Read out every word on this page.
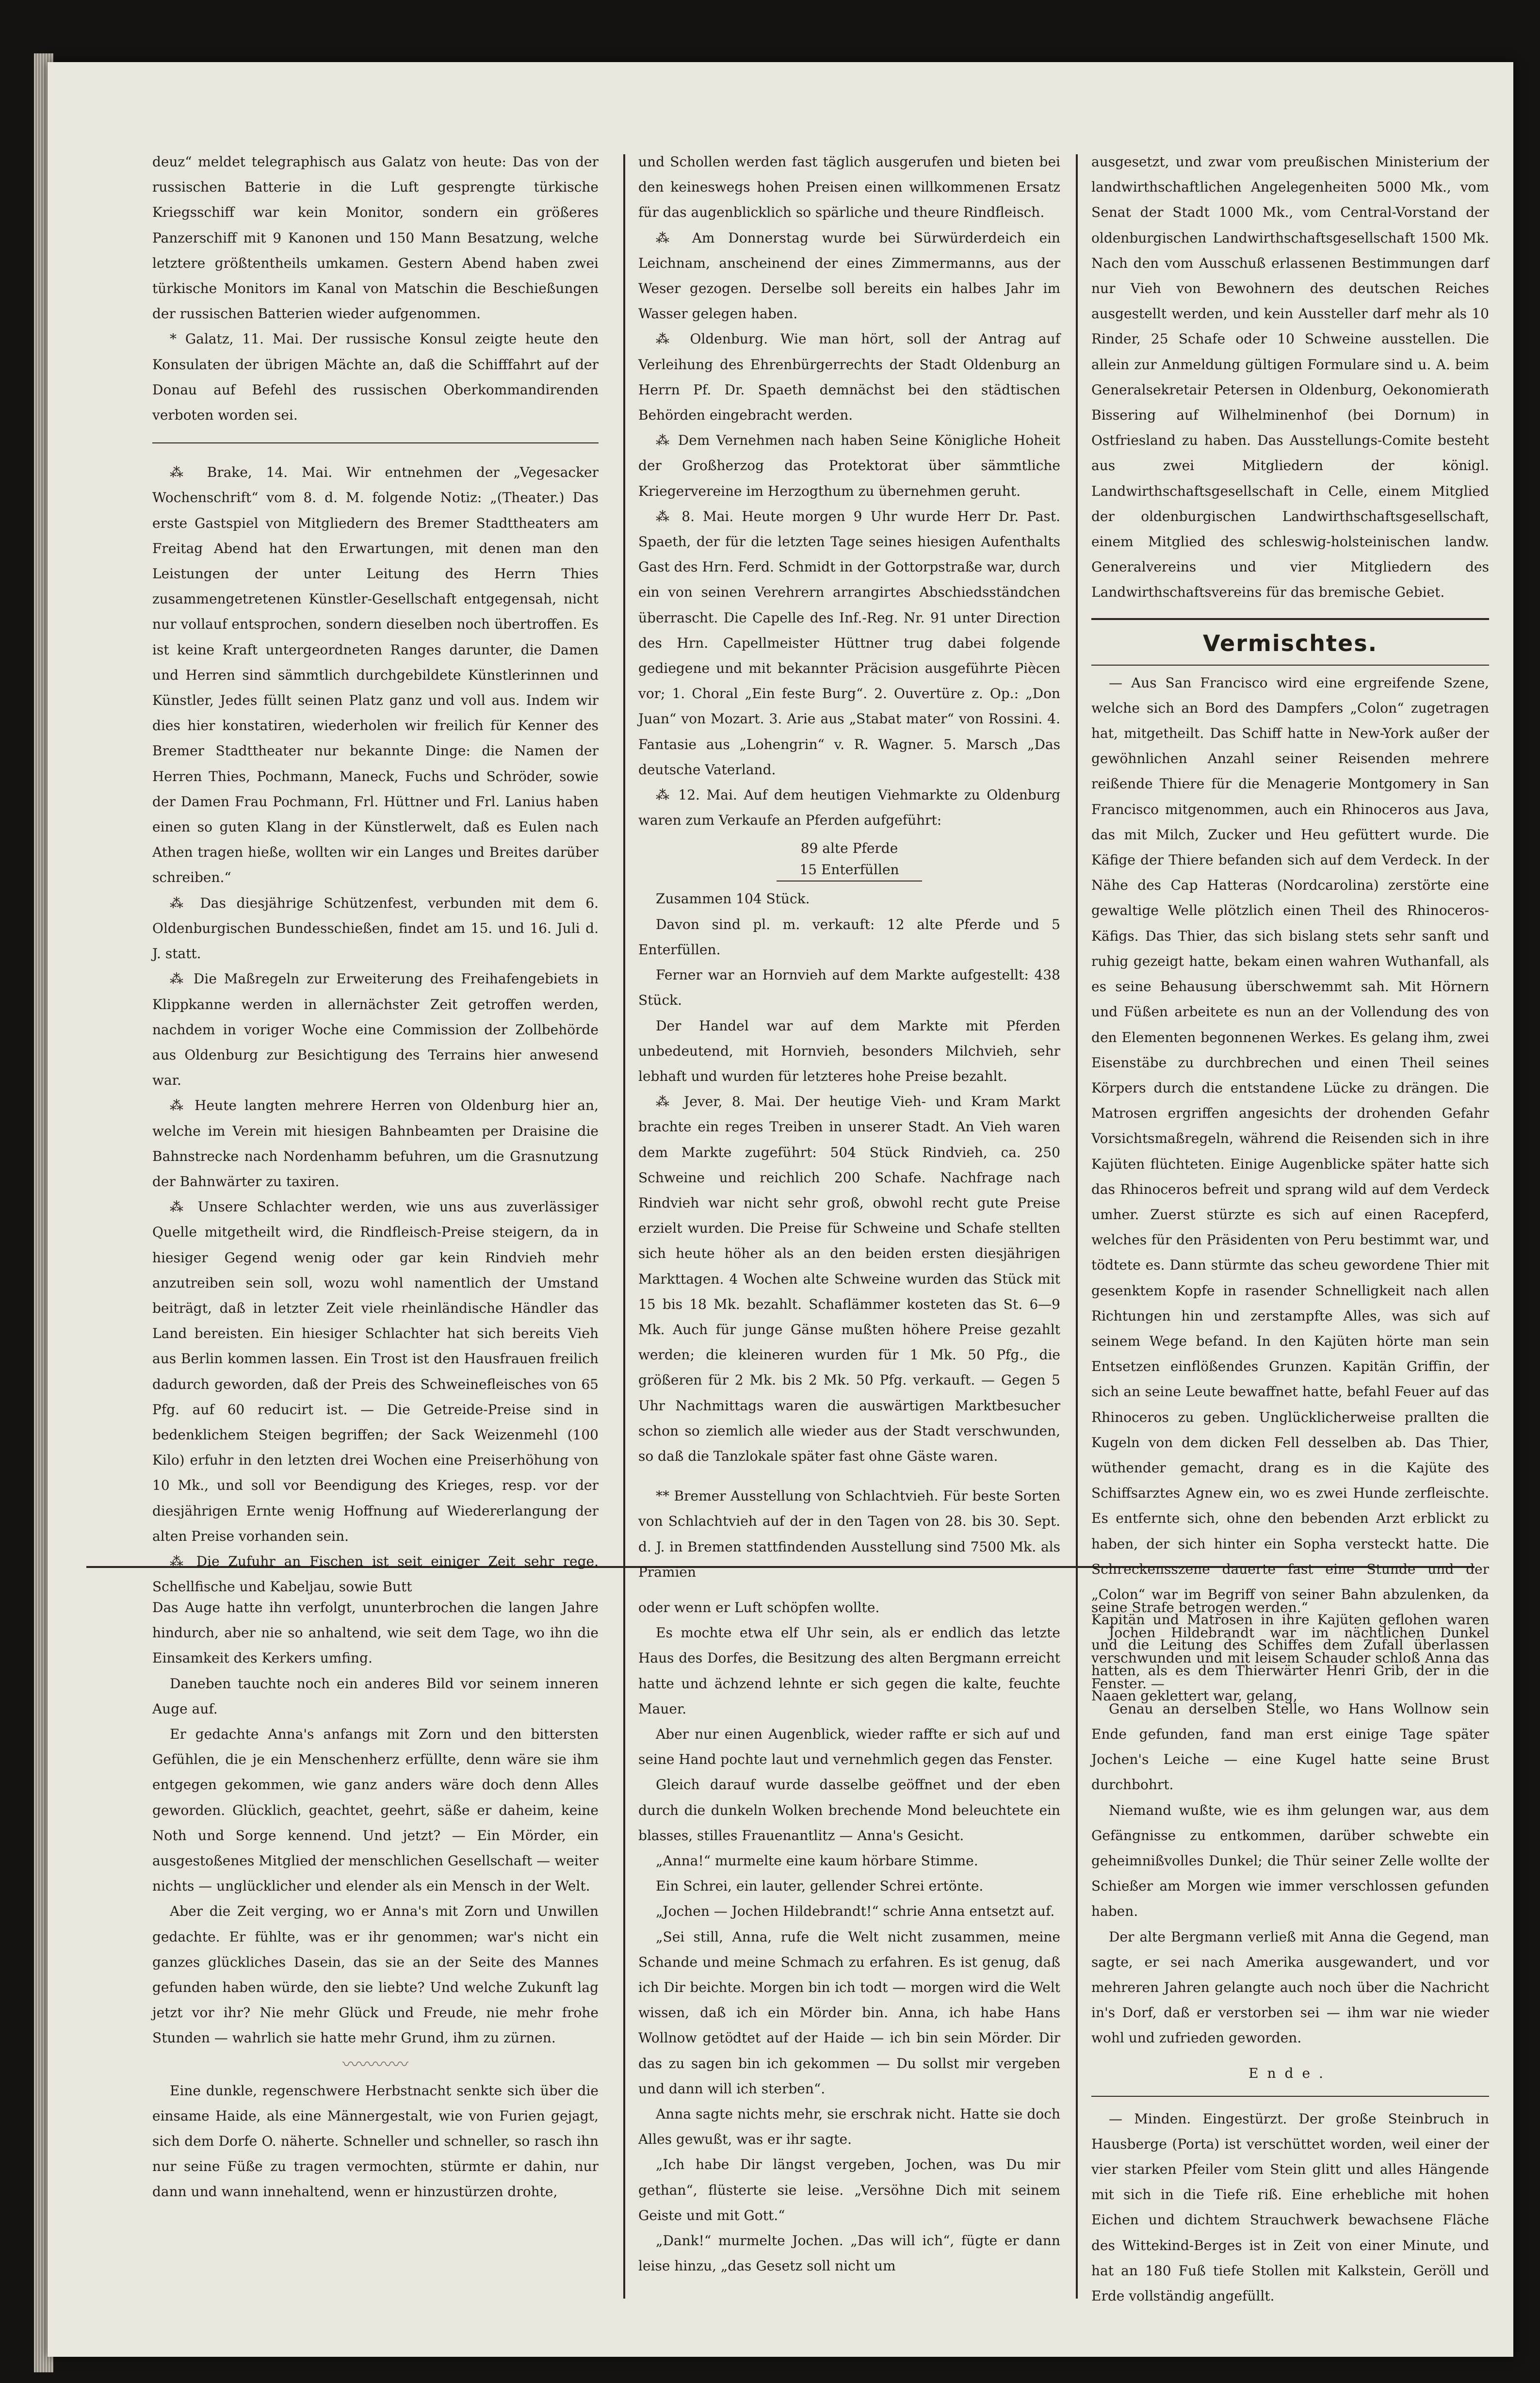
deuz“ meldet telegraphisch aus Galatz von heute: Das von der russischen Batterie in die Luft gesprengte türkische Kriegsschiff war kein Monitor, sondern ein größeres Panzerschiff mit 9 Kanonen und 150 Mann Besatzung, welche letztere größtentheils umkamen. Gestern Abend haben zwei türkische Monitors im Kanal von Matschin die Beschießungen der russischen Batterien wieder aufgenommen.

* Galatz, 11. Mai. Der russische Konsul zeigte heute den Konsulaten der übrigen Mächte an, daß die Schifffahrt auf der Donau auf Befehl des russischen Oberkommandirenden verboten worden sei.

⁂ Brake, 14. Mai. Wir entnehmen der „Vegesacker Wochenschrift“ vom 8. d. M. folgende Notiz: „(Theater.) Das erste Gastspiel von Mitgliedern des Bremer Stadttheaters am Freitag Abend hat den Erwartungen, mit denen man den Leistungen der unter Leitung des Herrn Thies zusammengetretenen Künstler-Gesellschaft entgegensah, nicht nur vollauf entsprochen, sondern dieselben noch übertroffen. Es ist keine Kraft untergeordneten Ranges darunter, die Damen und Herren sind sämmtlich durchgebildete Künstlerinnen und Künstler, Jedes füllt seinen Platz ganz und voll aus. Indem wir dies hier konstatiren, wiederholen wir freilich für Kenner des Bremer Stadttheater nur bekannte Dinge: die Namen der Herren Thies, Pochmann, Maneck, Fuchs und Schröder, sowie der Damen Frau Pochmann, Frl. Hüttner und Frl. Lanius haben einen so guten Klang in der Künstlerwelt, daß es Eulen nach Athen tragen hieße, wollten wir ein Langes und Breites darüber schreiben.“

⁂ Das diesjährige Schützenfest, verbunden mit dem 6. Oldenburgischen Bundesschießen, findet am 15. und 16. Juli d. J. statt.

⁂ Die Maßregeln zur Erweiterung des Freihafengebiets in Klippkanne werden in allernächster Zeit getroffen werden, nachdem in voriger Woche eine Commission der Zollbehörde aus Oldenburg zur Besichtigung des Terrains hier anwesend war.

⁂ Heute langten mehrere Herren von Oldenburg hier an, welche im Verein mit hiesigen Bahnbeamten per Draisine die Bahnstrecke nach Nordenhamm befuhren, um die Grasnutzung der Bahnwärter zu taxiren.

⁂ Unsere Schlachter werden, wie uns aus zuverlässiger Quelle mitgetheilt wird, die Rindfleisch-Preise steigern, da in hiesiger Gegend wenig oder gar kein Rindvieh mehr anzutreiben sein soll, wozu wohl namentlich der Umstand beiträgt, daß in letzter Zeit viele rheinländische Händler das Land bereisten. Ein hiesiger Schlachter hat sich bereits Vieh aus Berlin kommen lassen. Ein Trost ist den Hausfrauen freilich dadurch geworden, daß der Preis des Schweinefleisches von 65 Pfg. auf 60 reducirt ist. — Die Getreide-Preise sind in bedenklichem Steigen begriffen; der Sack Weizenmehl (100 Kilo) erfuhr in den letzten drei Wochen eine Preiserhöhung von 10 Mk., und soll vor Beendigung des Krieges, resp. vor der diesjährigen Ernte wenig Hoffnung auf Wiedererlangung der alten Preise vorhanden sein.

⁂ Die Zufuhr an Fischen ist seit einiger Zeit sehr rege. Schellfische und Kabeljau, sowie Butt

und Schollen werden fast täglich ausgerufen und bieten bei den keineswegs hohen Preisen einen willkommenen Ersatz für das augenblicklich so spärliche und theure Rindfleisch.

⁂ Am Donnerstag wurde bei Sürwürderdeich ein Leichnam, anscheinend der eines Zimmermanns, aus der Weser gezogen. Derselbe soll bereits ein halbes Jahr im Wasser gelegen haben.

⁂ Oldenburg. Wie man hört, soll der Antrag auf Verleihung des Ehrenbürgerrechts der Stadt Oldenburg an Herrn Pf. Dr. Spaeth demnächst bei den städtischen Behörden eingebracht werden.

⁂ Dem Vernehmen nach haben Seine Königliche Hoheit der Großherzog das Protektorat über sämmtliche Kriegervereine im Herzogthum zu übernehmen geruht.

⁂ 8. Mai. Heute morgen 9 Uhr wurde Herr Dr. Past. Spaeth, der für die letzten Tage seines hiesigen Aufenthalts Gast des Hrn. Ferd. Schmidt in der Gottorpstraße war, durch ein von seinen Verehrern arrangirtes Abschiedsständchen überrascht. Die Capelle des Inf.-Reg. Nr. 91 unter Direction des Hrn. Capellmeister Hüttner trug dabei folgende gediegene und mit bekannter Präcision ausgeführte Piècen vor; 1. Choral „Ein feste Burg“. 2. Ouvertüre z. Op.: „Don Juan“ von Mozart. 3. Arie aus „Stabat mater“ von Rossini. 4. Fantasie aus „Lohengrin“ v. R. Wagner. 5. Marsch „Das deutsche Vaterland.

⁂ 12. Mai. Auf dem heutigen Viehmarkte zu Oldenburg waren zum Verkaufe an Pferden aufgeführt:

89 alte Pferde
15 Enterfüllen

Zusammen 104 Stück.

Davon sind pl. m. verkauft: 12 alte Pferde und 5 Enterfüllen.

Ferner war an Hornvieh auf dem Markte aufgestellt: 438 Stück.

Der Handel war auf dem Markte mit Pferden unbedeutend, mit Hornvieh, besonders Milchvieh, sehr lebhaft und wurden für letzteres hohe Preise bezahlt.

⁂ Jever, 8. Mai. Der heutige Vieh- und Kram Markt brachte ein reges Treiben in unserer Stadt. An Vieh waren dem Markte zugeführt: 504 Stück Rindvieh, ca. 250 Schweine und reichlich 200 Schafe. Nachfrage nach Rindvieh war nicht sehr groß, obwohl recht gute Preise erzielt wurden. Die Preise für Schweine und Schafe stellten sich heute höher als an den beiden ersten diesjährigen Markttagen. 4 Wochen alte Schweine wurden das Stück mit 15 bis 18 Mk. bezahlt. Schaflämmer kosteten das St. 6—9 Mk. Auch für junge Gänse mußten höhere Preise gezahlt werden; die kleineren wurden für 1 Mk. 50 Pfg., die größeren für 2 Mk. bis 2 Mk. 50 Pfg. verkauft. — Gegen 5 Uhr Nachmittags waren die auswärtigen Marktbesucher schon so ziemlich alle wieder aus der Stadt verschwunden, so daß die Tanzlokale später fast ohne Gäste waren.

** Bremer Ausstellung von Schlachtvieh. Für beste Sorten von Schlachtvieh auf der in den Tagen von 28. bis 30. Sept. d. J. in Bremen stattfindenden Ausstellung sind 7500 Mk. als Prämien

ausgesetzt, und zwar vom preußischen Ministerium der landwirthschaftlichen Angelegenheiten 5000 Mk., vom Senat der Stadt 1000 Mk., vom Central-Vorstand der oldenburgischen Landwirthschaftsgesellschaft 1500 Mk. Nach den vom Ausschuß erlassenen Bestimmungen darf nur Vieh von Bewohnern des deutschen Reiches ausgestellt werden, und kein Aussteller darf mehr als 10 Rinder, 25 Schafe oder 10 Schweine ausstellen. Die allein zur Anmeldung gültigen Formulare sind u. A. beim Generalsekretair Petersen in Oldenburg, Oekonomierath Bissering auf Wilhelminenhof (bei Dornum) in Ostfriesland zu haben. Das Ausstellungs-Comite besteht aus zwei Mitgliedern der königl. Landwirthschaftsgesellschaft in Celle, einem Mitglied der oldenburgischen Landwirthschaftsgesellschaft, einem Mitglied des schleswig-holsteinischen landw. Generalvereins und vier Mitgliedern des Landwirthschaftsvereins für das bremische Gebiet.

Vermischtes.

— Aus San Francisco wird eine ergreifende Szene, welche sich an Bord des Dampfers „Colon“ zugetragen hat, mitgetheilt. Das Schiff hatte in New-York außer der gewöhnlichen Anzahl seiner Reisenden mehrere reißende Thiere für die Menagerie Montgomery in San Francisco mitgenommen, auch ein Rhinoceros aus Java, das mit Milch, Zucker und Heu gefüttert wurde. Die Käfige der Thiere befanden sich auf dem Verdeck. In der Nähe des Cap Hatteras (Nordcarolina) zerstörte eine gewaltige Welle plötzlich einen Theil des Rhinoceros-Käfigs. Das Thier, das sich bislang stets sehr sanft und ruhig gezeigt hatte, bekam einen wahren Wuthanfall, als es seine Behausung überschwemmt sah. Mit Hörnern und Füßen arbeitete es nun an der Vollendung des von den Elementen begonnenen Werkes. Es gelang ihm, zwei Eisenstäbe zu durchbrechen und einen Theil seines Körpers durch die entstandene Lücke zu drängen. Die Matrosen ergriffen angesichts der drohenden Gefahr Vorsichtsmaßregeln, während die Reisenden sich in ihre Kajüten flüchteten. Einige Augenblicke später hatte sich das Rhinoceros befreit und sprang wild auf dem Verdeck umher. Zuerst stürzte es sich auf einen Racepferd, welches für den Präsidenten von Peru bestimmt war, und tödtete es. Dann stürmte das scheu gewordene Thier mit gesenktem Kopfe in rasender Schnelligkeit nach allen Richtungen hin und zerstampfte Alles, was sich auf seinem Wege befand. In den Kajüten hörte man sein Entsetzen einflößendes Grunzen. Kapitän Griffin, der sich an seine Leute bewaffnet hatte, befahl Feuer auf das Rhinoceros zu geben. Unglücklicherweise prallten die Kugeln von dem dicken Fell desselben ab. Das Thier, wüthender gemacht, drang es in die Kajüte des Schiffsarztes Agnew ein, wo es zwei Hunde zerfleischte. Es entfernte sich, ohne den bebenden Arzt erblickt zu haben, der sich hinter ein Sopha versteckt hatte. Die Schreckensszene dauerte fast eine Stunde und der „Colon“ war im Begriff von seiner Bahn abzulenken, da Kapitän und Matrosen in ihre Kajüten geflohen waren und die Leitung des Schiffes dem Zufall überlassen hatten, als es dem Thierwärter Henri Grib, der in die Naaen geklettert war, gelang,

Das Auge hatte ihn verfolgt, ununterbrochen die langen Jahre hindurch, aber nie so anhaltend, wie seit dem Tage, wo ihn die Einsamkeit des Kerkers umfing.

Daneben tauchte noch ein anderes Bild vor seinem inneren Auge auf.

Er gedachte Anna's anfangs mit Zorn und den bittersten Gefühlen, die je ein Menschenherz erfüllte, denn wäre sie ihm entgegen gekommen, wie ganz anders wäre doch denn Alles geworden. Glücklich, geachtet, geehrt, säße er daheim, keine Noth und Sorge kennend. Und jetzt? — Ein Mörder, ein ausgestoßenes Mitglied der menschlichen Gesellschaft — weiter nichts — unglücklicher und elender als ein Mensch in der Welt.

Aber die Zeit verging, wo er Anna's mit Zorn und Unwillen gedachte. Er fühlte, was er ihr genommen; war's nicht ein ganzes glückliches Dasein, das sie an der Seite des Mannes gefunden haben würde, den sie liebte? Und welche Zukunft lag jetzt vor ihr? Nie mehr Glück und Freude, nie mehr frohe Stunden — wahrlich sie hatte mehr Grund, ihm zu zürnen.

〰〰〰〰

Eine dunkle, regenschwere Herbstnacht senkte sich über die einsame Haide, als eine Männergestalt, wie von Furien gejagt, sich dem Dorfe O. näherte. Schneller und schneller, so rasch ihn nur seine Füße zu tragen vermochten, stürmte er dahin, nur dann und wann innehaltend, wenn er hinzustürzen drohte,

oder wenn er Luft schöpfen wollte.

Es mochte etwa elf Uhr sein, als er endlich das letzte Haus des Dorfes, die Besitzung des alten Bergmann erreicht hatte und ächzend lehnte er sich gegen die kalte, feuchte Mauer.

Aber nur einen Augenblick, wieder raffte er sich auf und seine Hand pochte laut und vernehmlich gegen das Fenster.

Gleich darauf wurde dasselbe geöffnet und der eben durch die dunkeln Wolken brechende Mond beleuchtete ein blasses, stilles Frauenantlitz — Anna's Gesicht.

„Anna!“ murmelte eine kaum hörbare Stimme.

Ein Schrei, ein lauter, gellender Schrei ertönte.

„Jochen — Jochen Hildebrandt!“ schrie Anna entsetzt auf.

„Sei still, Anna, rufe die Welt nicht zusammen, meine Schande und meine Schmach zu erfahren. Es ist genug, daß ich Dir beichte. Morgen bin ich todt — morgen wird die Welt wissen, daß ich ein Mörder bin. Anna, ich habe Hans Wollnow getödtet auf der Haide — ich bin sein Mörder. Dir das zu sagen bin ich gekommen — Du sollst mir vergeben und dann will ich sterben“.

Anna sagte nichts mehr, sie erschrak nicht. Hatte sie doch Alles gewußt, was er ihr sagte.

„Ich habe Dir längst vergeben, Jochen, was Du mir gethan“, flüsterte sie leise. „Versöhne Dich mit seinem Geiste und mit Gott.“

„Dank!“ murmelte Jochen. „Das will ich“, fügte er dann leise hinzu, „das Gesetz soll nicht um

seine Strafe betrogen werden.“

Jochen Hildebrandt war im nächtlichen Dunkel verschwunden und mit leisem Schauder schloß Anna das Fenster. —

Genau an derselben Stelle, wo Hans Wollnow sein Ende gefunden, fand man erst einige Tage später Jochen's Leiche — eine Kugel hatte seine Brust durchbohrt.

Niemand wußte, wie es ihm gelungen war, aus dem Gefängnisse zu entkommen, darüber schwebte ein geheimnißvolles Dunkel; die Thür seiner Zelle wollte der Schießer am Morgen wie immer verschlossen gefunden haben.

Der alte Bergmann verließ mit Anna die Gegend, man sagte, er sei nach Amerika ausgewandert, und vor mehreren Jahren gelangte auch noch über die Nachricht in's Dorf, daß er verstorben sei — ihm war nie wieder wohl und zufrieden geworden.

Ende.

— Minden. Eingestürzt. Der große Steinbruch in Hausberge (Porta) ist verschüttet worden, weil einer der vier starken Pfeiler vom Stein glitt und alles Hängende mit sich in die Tiefe riß. Eine erhebliche mit hohen Eichen und dichtem Strauchwerk bewachsene Fläche des Wittekind-Berges ist in Zeit von einer Minute, und hat an 180 Fuß tiefe Stollen mit Kalkstein, Geröll und Erde vollständig angefüllt.
